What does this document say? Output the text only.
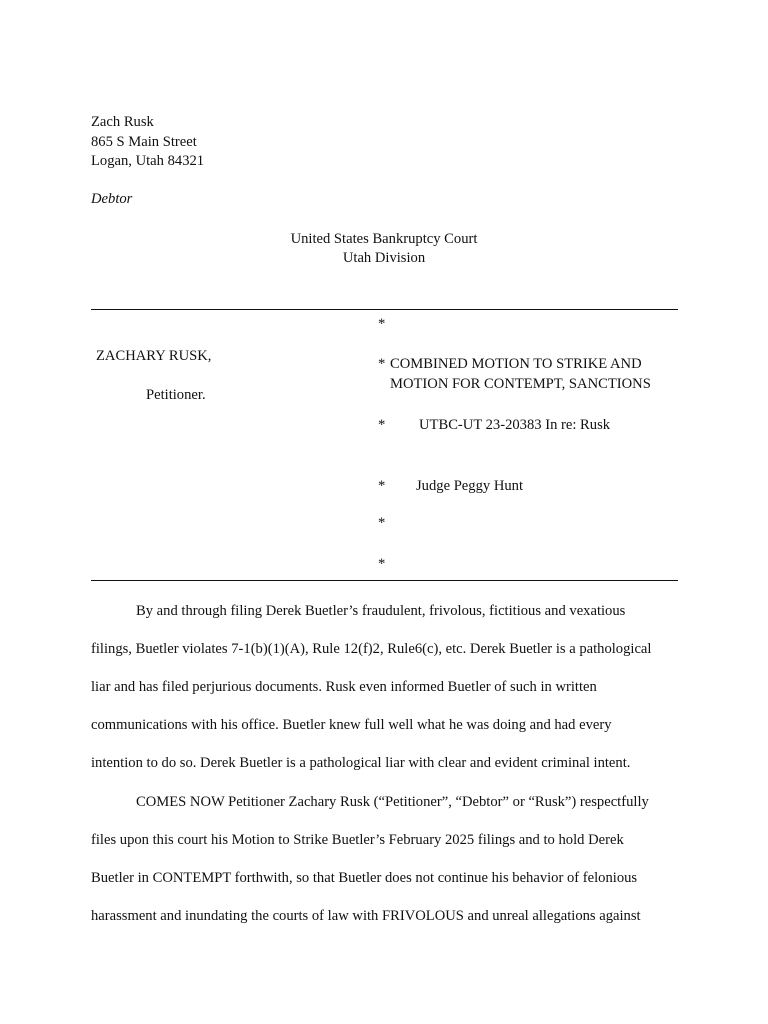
Zach Rusk
865 S Main Street
Logan, Utah 84321
Debtor
United States Bankruptcy Court
Utah Division
ZACHARY RUSK,
Petitioner.
*
* COMBINED MOTION TO STRIKE AND
MOTION FOR CONTEMPT, SANCTIONS
* UTBC-UT 23-20383 In re: Rusk
* Judge Peggy Hunt
*
*
By and through filing Derek Buetler’s fraudulent, frivolous, fictitious and vexatious
filings, Buetler violates 7-1(b)(1)(A), Rule 12(f)2, Rule6(c), etc. Derek Buetler is a pathological
liar and has filed perjurious documents. Rusk even informed Buetler of such in written
communications with his office. Buetler knew full well what he was doing and had every
intention to do so. Derek Buetler is a pathological liar with clear and evident criminal intent.
COMES NOW Petitioner Zachary Rusk (“Petitioner”, “Debtor” or “Rusk”) respectfully
files upon this court his Motion to Strike Buetler’s February 2025 filings and to hold Derek
Buetler in CONTEMPT forthwith, so that Buetler does not continue his behavior of felonious
harassment and inundating the courts of law with FRIVOLOUS and unreal allegations against
